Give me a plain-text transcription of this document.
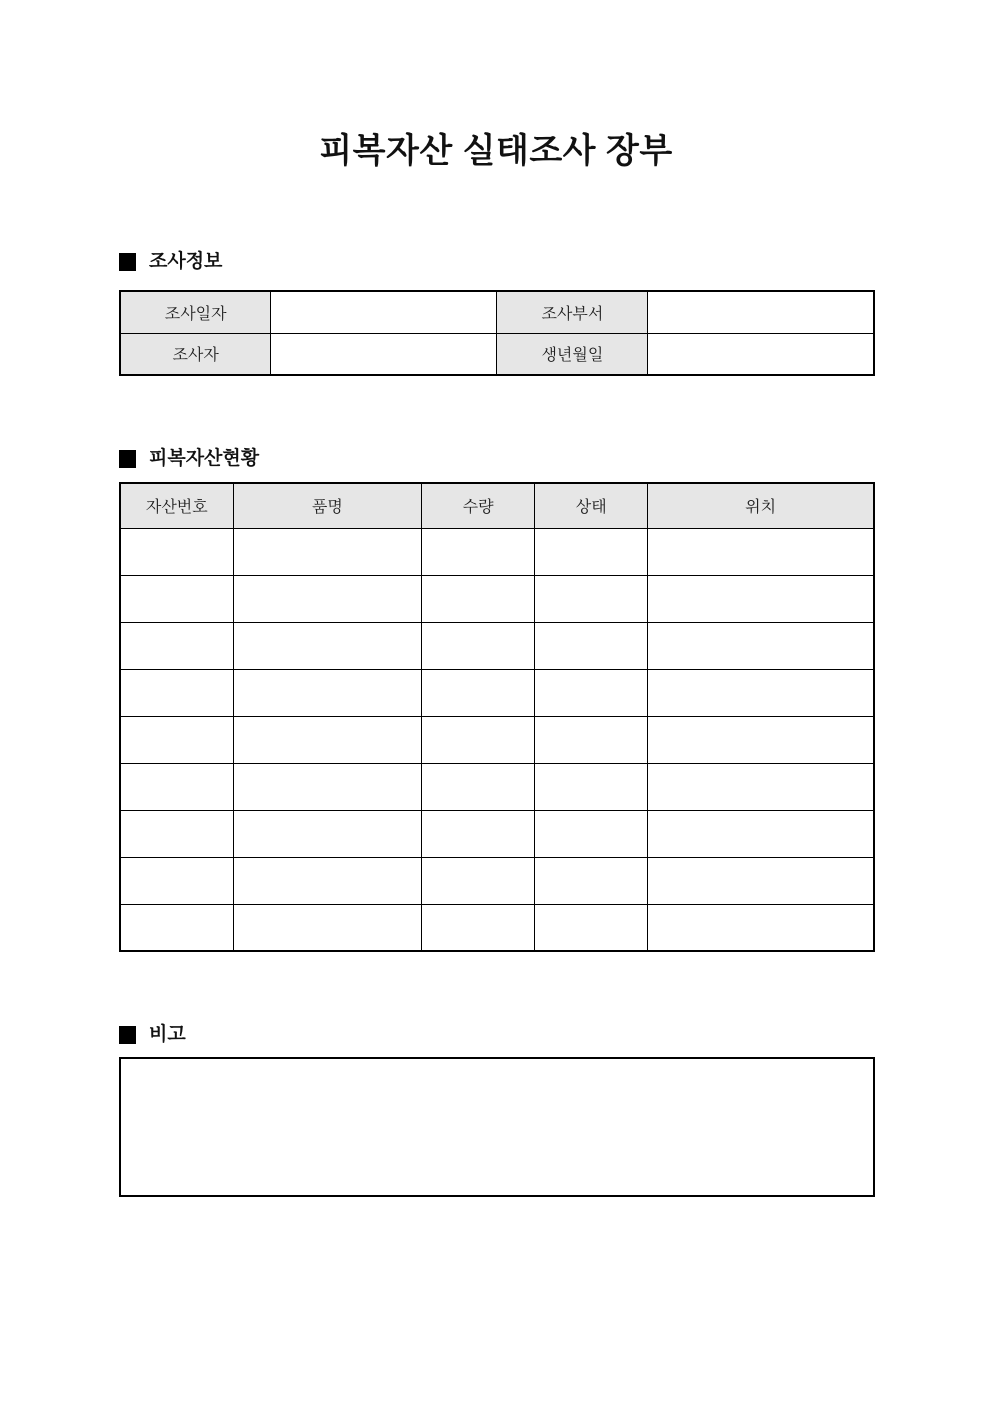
피복자산 실태조사 장부
조사정보
조사일자		조사부서	
조사자		생년월일	
피복자산현황
자산번호	품명	수량	상태	위치

비고
